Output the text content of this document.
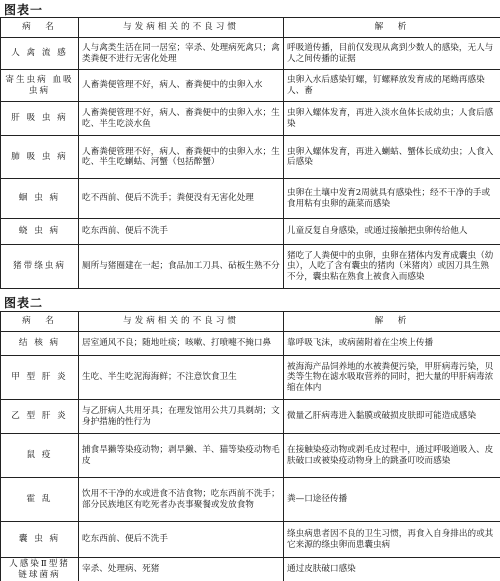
图表一
病　名	与发病相关的不良习惯	解　析
人 禽 流 感	人与禽类生活在同一居室；宰杀、处理病死禽只；禽类粪便不进行无害化处理	呼吸道传播，目前仅发现从禽到少数人的感染，无人与人之间传播的证据
寄生虫病 血吸虫病	人畜粪便管理不好，病人、畜粪便中的虫卵入水	虫卵入水后感染钉螺，钉螺释放发育成的尾蚴再感染人、畜
肝 吸 虫 病	人畜粪便管理不好，病人、畜粪便中的虫卵入水；生吃、半生吃淡水鱼	虫卵入螺体发育，再进入淡水鱼体长成幼虫；人食后感染
肺 吸 虫 病	人畜粪便管理不好，病人、畜粪便中的虫卵入水；生吃、半生吃蝲蛄、河蟹（包括醉蟹）	虫卵入螺体发育，再进入蝲蛄、蟹体长成幼虫；人食入后感染
蛔 虫 病	吃不西前、便后不洗手；粪便没有无害化处理	虫卵在土壤中发育2周就具有感染性；经不干净的手或食用粘有虫卵的蔬菜而感染
蛲 虫 病	吃东西前、便后不洗手	儿童反复自身感染，或通过接触把虫卵传给他人
猪带绦虫病	厕所与猪圈建在一起；食品加工刀具、砧板生熟不分	猪吃了人粪便中的虫卵，虫卵在猪体内发育成囊虫（幼虫），人吃了含有囊虫的猪肉（米猪肉）或因刀具生熟不分，囊虫粘在熟食上被食入而感染
图表二
病　名	与发病相关的不良习惯	解　析
结 核 病	居室通风不良；随地吐痰；咳嗽、打喷嚏不掩口鼻	靠呼吸飞沫，或病菌附着在尘埃上传播
甲 型 肝 炎	生吃、半生吃泥海海鲜；不注意饮食卫生	被海海产品饲养地的水被粪便污染，甲肝病毒污染，贝类等生物在滤水吸取营养的同时，把大量的甲肝病毒浓缩在体内
乙 型 肝 炎	与乙肝病人共用牙具；在理发馆用公共刀具剃胡；文身护措施的性行为	微量乙肝病毒进入黏膜或破损皮肤即可能造成感染
鼠 疫	捕食旱獭等染疫动物；剥旱獭、羊、猫等染疫动物毛皮	在接触染疫动物或剥毛皮过程中，通过呼吸道吸入、皮肤破口或被染疫动物身上的跳蚤叮咬而感染
霍 乱	饮用不干净的水或进食不洁食物；吃东西前不洗手；部分民族地区有吃死者办丧事聚餐或发放食物	粪—口途径传播
囊 虫 病	吃东西前、便后不洗手	绦虫病患者因不良的卫生习惯，再食入自身排出的或其它来源的绦虫卵而患囊虫病
人感染Ⅱ型猪链球菌病	宰杀、处理病、死猪	通过皮肤破口感染
